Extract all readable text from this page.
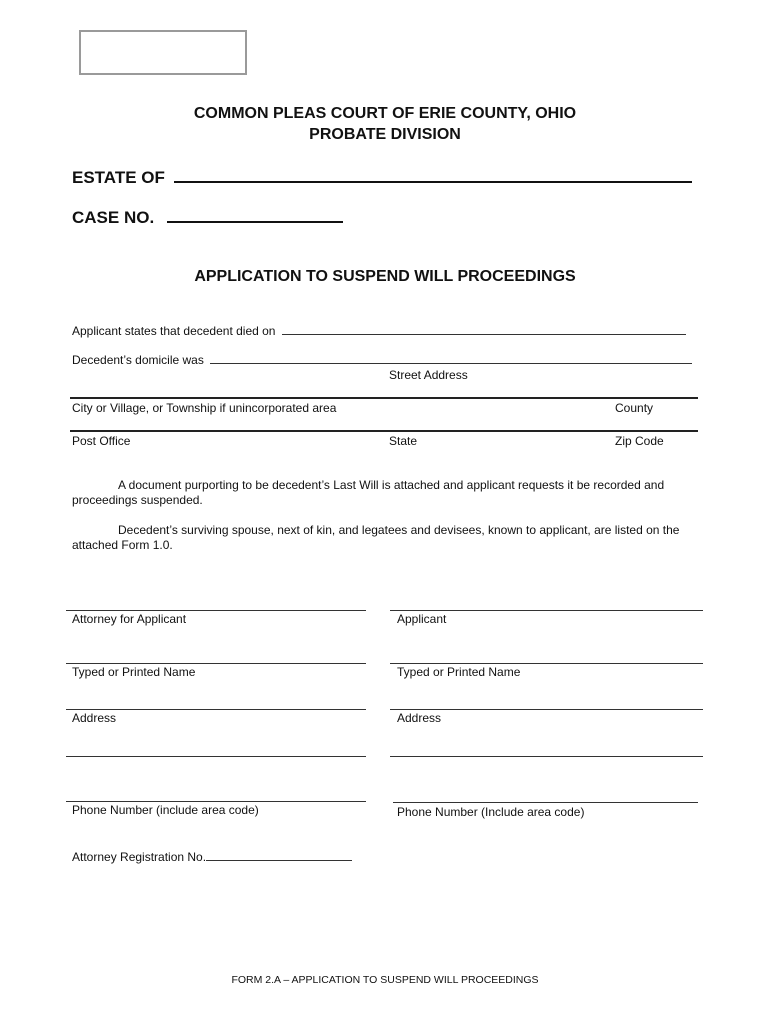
COMMON PLEAS COURT OF ERIE COUNTY, OHIO
PROBATE DIVISION
ESTATE OF
CASE NO.
APPLICATION TO SUSPEND WILL PROCEEDINGS
Applicant states that decedent died on
Decedent’s domicile was
Street Address
City or Village, or Township if unincorporated area	County
Post Office	State	Zip Code
A document purporting to be decedent’s Last Will is attached and applicant requests it be recorded and proceedings suspended.
Decedent’s surviving spouse, next of kin, and legatees and devisees, known to applicant, are listed on the attached Form 1.0.
Attorney for Applicant
Typed or Printed Name
Address
Phone Number (include area code)
Applicant
Typed or Printed Name
Address
Phone Number (Include area code)
Attorney Registration No.
FORM 2.A – APPLICATION TO SUSPEND WILL PROCEEDINGS
